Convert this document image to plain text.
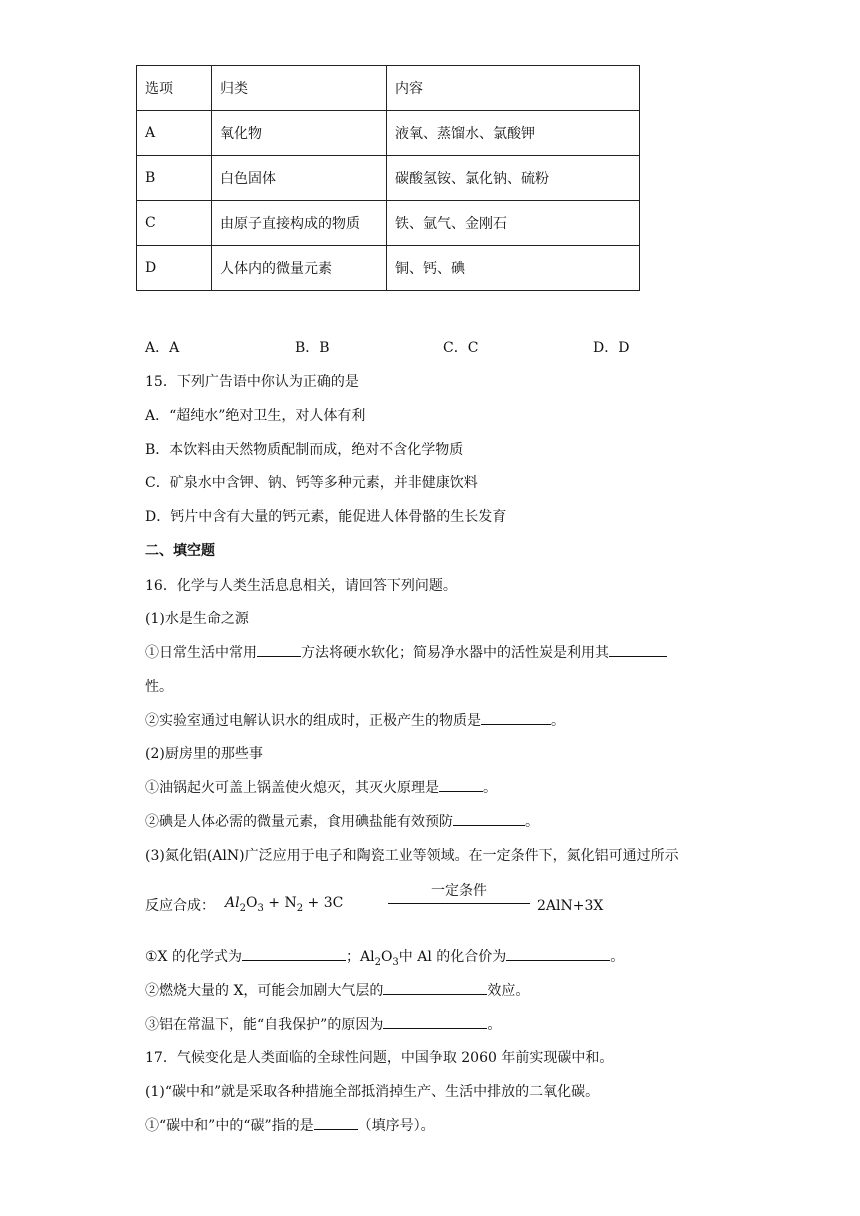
选项	归类	内容
A	氧化物	液氧、蒸馏水、氯酸钾
B	白色固体	碳酸氢铵、氯化钠、硫粉
C	由原子直接构成的物质	铁、氩气、金刚石
D	人体内的微量元素	铜、钙、碘
A．A	B．B	C．C	D．D
15．下列广告语中你认为正确的是
A．“超纯水”绝对卫生，对人体有利
B．本饮料由天然物质配制而成，绝对不含化学物质
C．矿泉水中含钾、钠、钙等多种元素，并非健康饮料
D．钙片中含有大量的钙元素，能促进人体骨骼的生长发育
二、填空题
16．化学与人类生活息息相关，请回答下列问题。
(1)水是生命之源
①日常生活中常用	方法将硬水软化；简易净水器中的活性炭是利用其
性。
②实验室通过电解认识水的组成时，正极产生的物质是	。
(2)厨房里的那些事
①油锅起火可盖上锅盖使火熄灭，其灭火原理是	。
②碘是人体必需的微量元素，食用碘盐能有效预防	。
(3)氮化铝(AlN)广泛应用于电子和陶瓷工业等领域。在一定条件下，氮化铝可通过所示
反应合成： $Al_2O_3 + N_2 + 3C$
一定条件
2AlN+3X
①X 的化学式为	；$Al_2O_3$中 Al 的化合价为	。
②燃烧大量的 X，可能会加剧大气层的	效应。
③铝在常温下，能“自我保护”的原因为	。
17．气候变化是人类面临的全球性问题，中国争取 2060 年前实现碳中和。
(1)“碳中和”就是采取各种措施全部抵消掉生产、生活中排放的二氧化碳。
①“碳中和”中的“碳”指的是	（填序号）。
